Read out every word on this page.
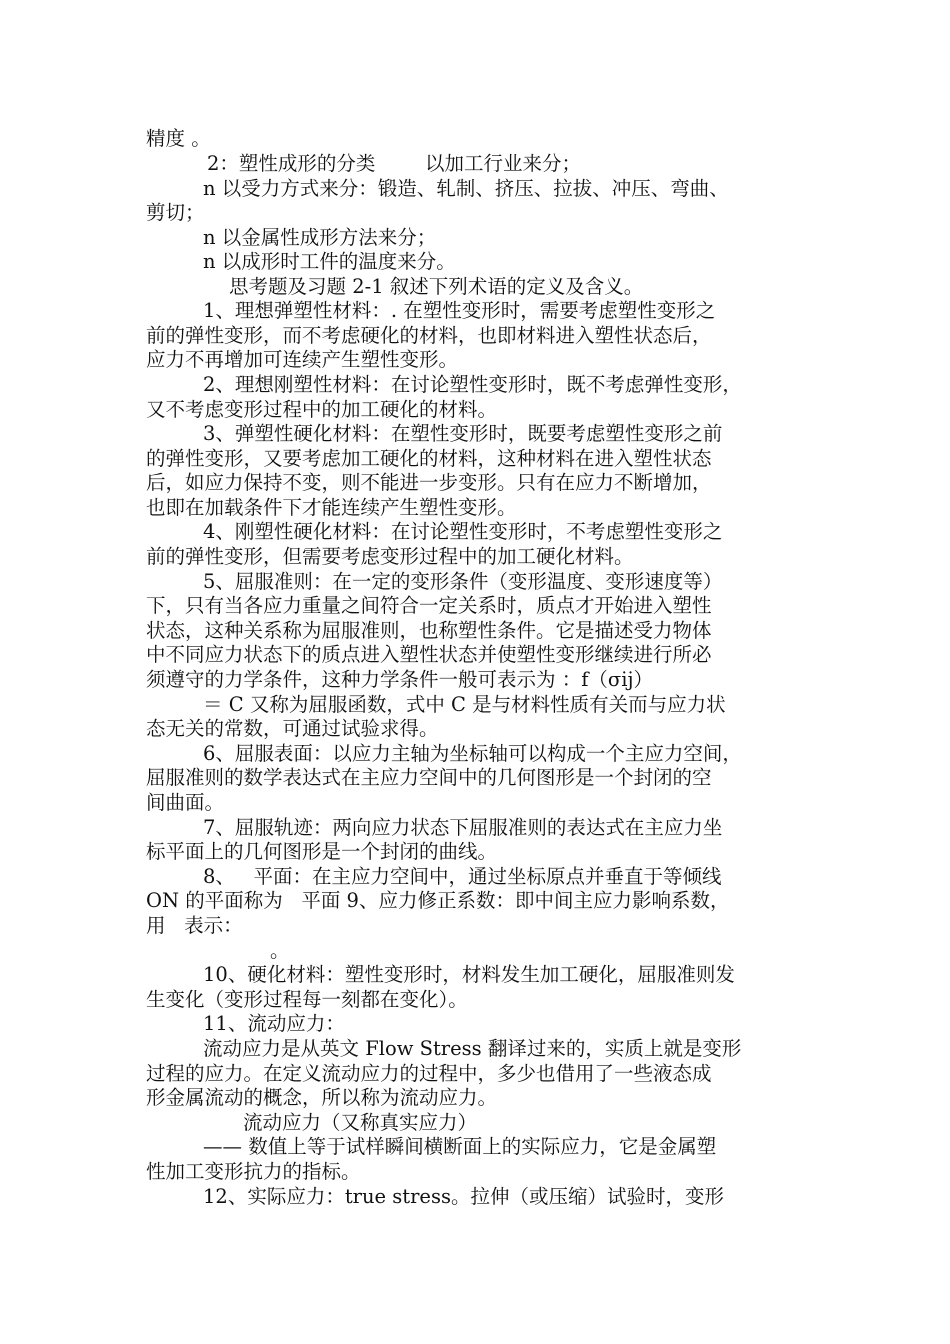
精度 。
2：塑性成形的分类        以加工行业来分；
n 以受力方式来分：锻造、轧制、挤压、拉拔、冲压、弯曲、
剪切；
n 以金属性成形方法来分；
n 以成形时工件的温度来分。
思考题及习题 2-1 叙述下列术语的定义及含义。
1、理想弹塑性材料：. 在塑性变形时，需要考虑塑性变形之
前的弹性变形，而不考虑硬化的材料，也即材料进入塑性状态后，
应力不再增加可连续产生塑性变形。
2、理想刚塑性材料：在讨论塑性变形时，既不考虑弹性变形，
又不考虑变形过程中的加工硬化的材料。
3、弹塑性硬化材料：在塑性变形时，既要考虑塑性变形之前
的弹性变形，又要考虑加工硬化的材料，这种材料在进入塑性状态
后，如应力保持不变，则不能进一步变形。只有在应力不断增加，
也即在加载条件下才能连续产生塑性变形。
4、刚塑性硬化材料：在讨论塑性变形时，不考虑塑性变形之
前的弹性变形，但需要考虑变形过程中的加工硬化材料。
5、屈服准则：在一定的变形条件（变形温度、变形速度等）
下，只有当各应力重量之间符合一定关系时，质点才开始进入塑性
状态，这种关系称为屈服准则，也称塑性条件。它是描述受力物体
中不同应力状态下的质点进入塑性状态并使塑性变形继续进行所必
须遵守的力学条件，这种力学条件一般可表示为 ：f（σij）
＝ C 又称为屈服函数，式中 C 是与材料性质有关而与应力状
态无关的常数，可通过试验求得。
6、屈服表面：以应力主轴为坐标轴可以构成一个主应力空间，
屈服准则的数学表达式在主应力空间中的几何图形是一个封闭的空
间曲面。
7、屈服轨迹：两向应力状态下屈服准则的表达式在主应力坐
标平面上的几何图形是一个封闭的曲线。
8、   平面：在主应力空间中，通过坐标原点并垂直于等倾线
ON 的平面称为   平面 9、应力修正系数：即中间主应力影响系数，
用   表示：
。
10、硬化材料：塑性变形时，材料发生加工硬化，屈服准则发
生变化（变形过程每一刻都在变化）。
11、流动应力：
流动应力是从英文 Flow Stress 翻译过来的，实质上就是变形
过程的应力。在定义流动应力的过程中，多少也借用了一些液态成
形金属流动的概念，所以称为流动应力。
流动应力（又称真实应力）
—— 数值上等于试样瞬间横断面上的实际应力，它是金属塑
性加工变形抗力的指标。
12、实际应力：true stress。拉伸（或压缩）试验时，变形
